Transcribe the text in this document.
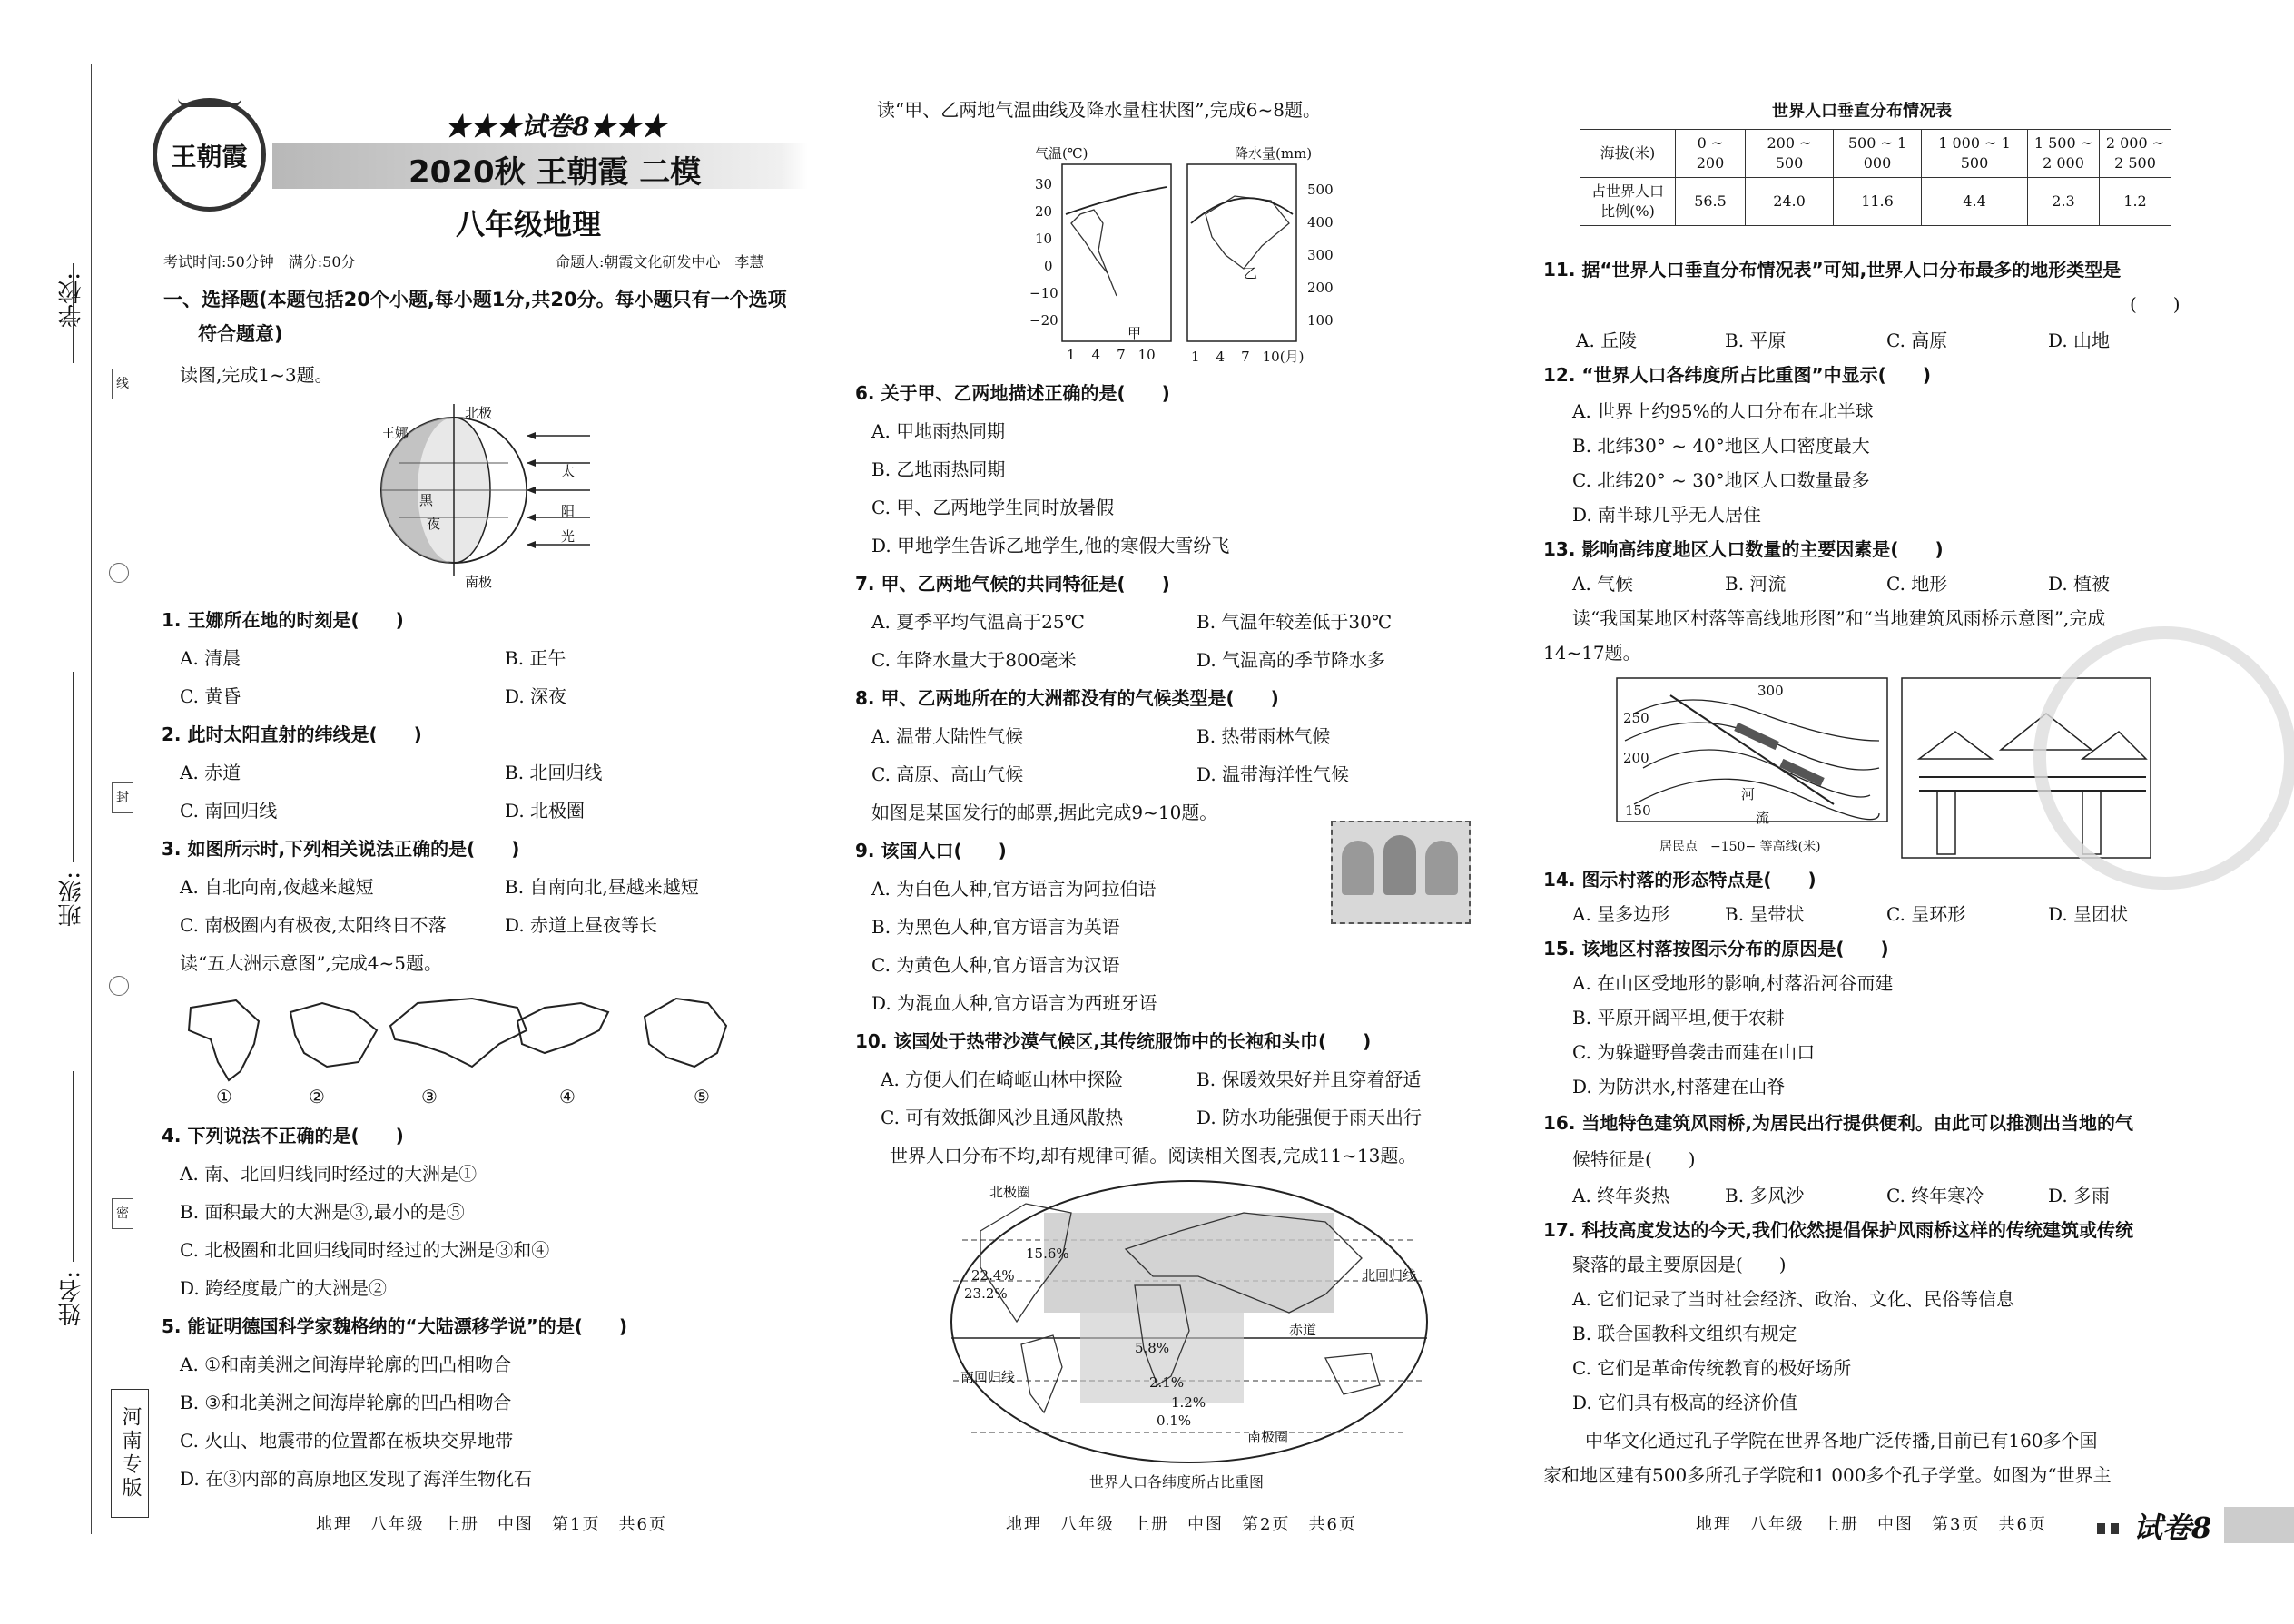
学校:
班级:
姓名:
线
封
密
河南专版
王朝霞
★★★试卷8★★★
2020秋 王朝霞 二模
八年级地理
考试时间:50分钟　满分:50分	命题人:朝霞文化研发中心　李慧
一、选择题(本题包括20个小题,每小题1分,共20分。每小题只有一个选项
符合题意)
读图,完成1~3题。
北极
南极
王娜
黑
夜
太
阳
光
1. 王娜所在地的时刻是(　　)
A. 清晨	B. 正午
C. 黄昏	D. 深夜
2. 此时太阳直射的纬线是(　　)
A. 赤道	B. 北回归线
C. 南回归线	D. 北极圈
3. 如图所示时,下列相关说法正确的是(　　)
A. 自北向南,夜越来越短	B. 自南向北,昼越来越短
C. 南极圈内有极夜,太阳终日不落	D. 赤道上昼夜等长
读“五大洲示意图”,完成4~5题。
①	②	③	④	⑤
4. 下列说法不正确的是(　　)
A. 南、北回归线同时经过的大洲是①
B. 面积最大的大洲是③,最小的是⑤
C. 北极圈和北回归线同时经过的大洲是③和④
D. 跨经度最广的大洲是②
5. 能证明德国科学家魏格纳的“大陆漂移学说”的是(　　)
A. ①和南美洲之间海岸轮廓的凹凸相吻合
B. ③和北美洲之间海岸轮廓的凹凸相吻合
C. 火山、地震带的位置都在板块交界地带
D. 在③内部的高原地区发现了海洋生物化石
读“甲、乙两地气温曲线及降水量柱状图”,完成6~8题。
气温(℃)	降水量(mm)
30
20
10
0
−10
−20
500
400
300
200
100
甲
乙
1 4 7 10	1 4 7 10(月)
6. 关于甲、乙两地描述正确的是(　　)
A. 甲地雨热同期
B. 乙地雨热同期
C. 甲、乙两地学生同时放暑假
D. 甲地学生告诉乙地学生,他的寒假大雪纷飞
7. 甲、乙两地气候的共同特征是(　　)
A. 夏季平均气温高于25℃	B. 气温年较差低于30℃
C. 年降水量大于800毫米	D. 气温高的季节降水多
8. 甲、乙两地所在的大洲都没有的气候类型是(　　)
A. 温带大陆性气候	B. 热带雨林气候
C. 高原、高山气候	D. 温带海洋性气候
如图是某国发行的邮票,据此完成9~10题。
9. 该国人口(　　)
A. 为白色人种,官方语言为阿拉伯语
B. 为黑色人种,官方语言为英语
C. 为黄色人种,官方语言为汉语
D. 为混血人种,官方语言为西班牙语
10. 该国处于热带沙漠气候区,其传统服饰中的长袍和头巾(　　)
A. 方便人们在崎岖山林中探险	B. 保暖效果好并且穿着舒适
C. 可有效抵御风沙且通风散热	D. 防水功能强便于雨天出行
世界人口分布不均,却有规律可循。阅读相关图表,完成11~13题。
北极圈
北回归线
赤道
南回归线
南极圈
15.6%
22.4%
23.2%
5.8%
2.1%
1.2%
0.1%
世界人口各纬度所占比重图
世界人口垂直分布情况表
海拔(米)	0 ~ 200	200 ~ 500	500 ~ 1 000	1 000 ~ 1 500	1 500 ~ 2 000	2 000 ~ 2 500
占世界人口比例(%)	56.5	24.0	11.6	4.4	2.3	1.2
11. 据“世界人口垂直分布情况表”可知,世界人口分布最多的地形类型是
(　　)
A. 丘陵	B. 平原	C. 高原	D. 山地
12. “世界人口各纬度所占比重图”中显示(　　)
A. 世界上约95%的人口分布在北半球
B. 北纬30° ~ 40°地区人口密度最大
C. 北纬20° ~ 30°地区人口数量最多
D. 南半球几乎无人居住
13. 影响高纬度地区人口数量的主要因素是(　　)
A. 气候	B. 河流	C. 地形	D. 植被
读“我国某地区村落等高线地形图”和“当地建筑风雨桥示意图”,完成
14~17题。
300
250
200
150
河
流
居民点　−150− 等高线(米)
14. 图示村落的形态特点是(　　)
A. 呈多边形	B. 呈带状	C. 呈环形	D. 呈团状
15. 该地区村落按图示分布的原因是(　　)
A. 在山区受地形的影响,村落沿河谷而建
B. 平原开阔平坦,便于农耕
C. 为躲避野兽袭击而建在山口
D. 为防洪水,村落建在山脊
16. 当地特色建筑风雨桥,为居民出行提供便利。由此可以推测出当地的气
候特征是(　　)
A. 终年炎热	B. 多风沙	C. 终年寒冷	D. 多雨
17. 科技高度发达的今天,我们依然提倡保护风雨桥这样的传统建筑或传统
聚落的最主要原因是(　　)
A. 它们记录了当时社会经济、政治、文化、民俗等信息
B. 联合国教科文组织有规定
C. 它们是革命传统教育的极好场所
D. 它们具有极高的经济价值
中华文化通过孔子学院在世界各地广泛传播,目前已有160多个国
家和地区建有500多所孔子学院和1 000多个孔子学堂。如图为“世界主
地理　八年级　上册　中图　第1页　共6页	地理　八年级　上册　中图　第2页　共6页	地理　八年级　上册　中图　第3页　共6页	试卷8
